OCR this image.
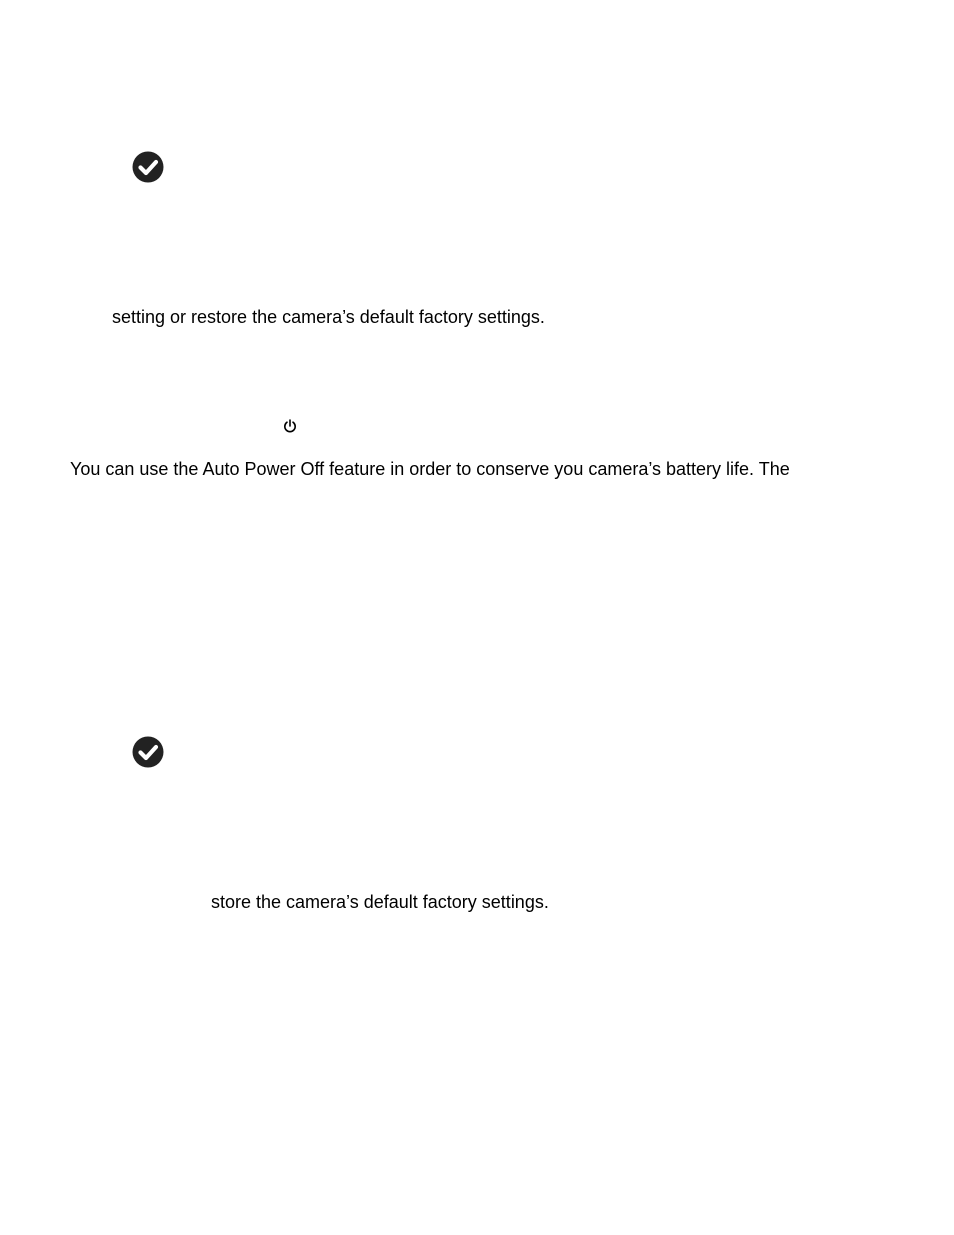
setting or restore the camera’s default factory settings.
You can use the Auto Power Off feature in order to conserve you camera’s battery life. The
store the camera’s default factory settings.
